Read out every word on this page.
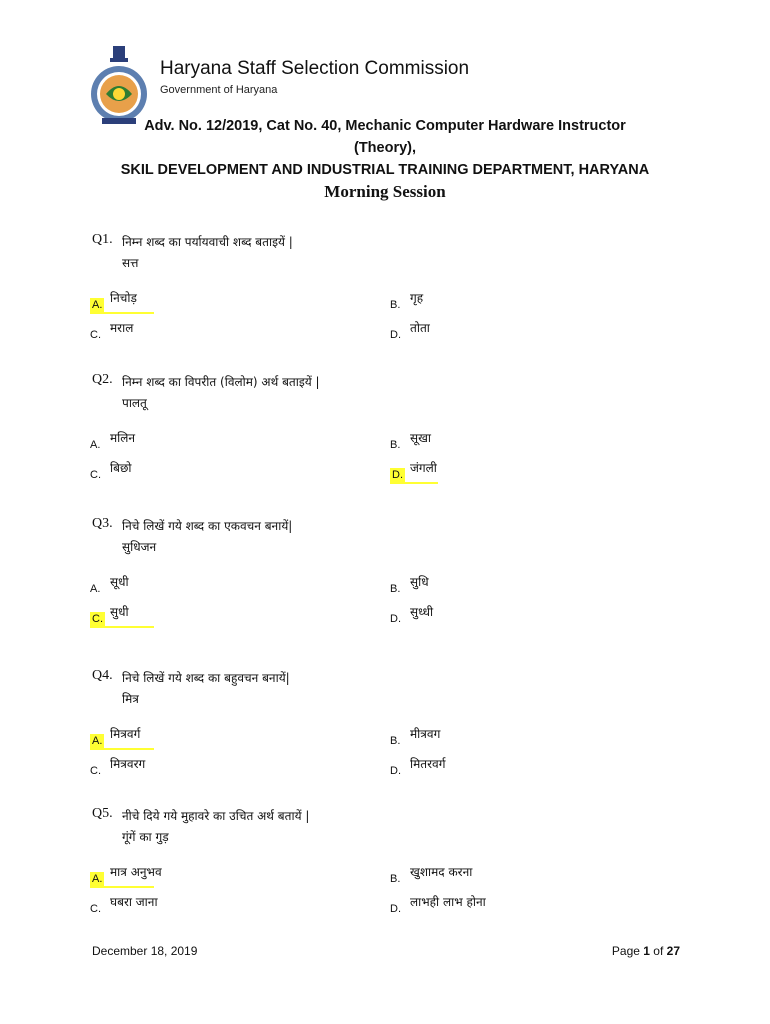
Haryana Staff Selection Commission
Government of Haryana
Adv. No. 12/2019, Cat No. 40, Mechanic Computer Hardware Instructor
(Theory),
SKIL DEVELOPMENT AND INDUSTRIAL TRAINING DEPARTMENT, HARYANA
Morning Session
Q1. निम्न शब्द का पर्यायवाची शब्द बताइयें |
सत्त
A. निचोड़	B. गृह
C. मराल	D. तोता
Q2. निम्न शब्द का विपरीत (विलोम) अर्थ बताइयें |
पालतू
A. मलिन	B. सूखा
C. बिछो	D. जंगली
Q3. निचे लिखें गये शब्द का एकवचन बनायें|
सुधिजन
A. सूधी	B. सुधि
C. सुधी	D. सुध्धी
Q4. निचे लिखें गये शब्द का बहुवचन बनायें|
मित्र
A. मित्रवर्ग	B. मीत्रवग
C. मित्रवरग	D. मितरवर्ग
Q5. नीचे दिये गये मुहावरे का उचित अर्थ बतायें |
गूंगें का गुड़
A. मात्र अनुभव	B. खुशामद करना
C. घबरा जाना	D. लाभही लाभ होना
December 18, 2019	Page 1 of 27
